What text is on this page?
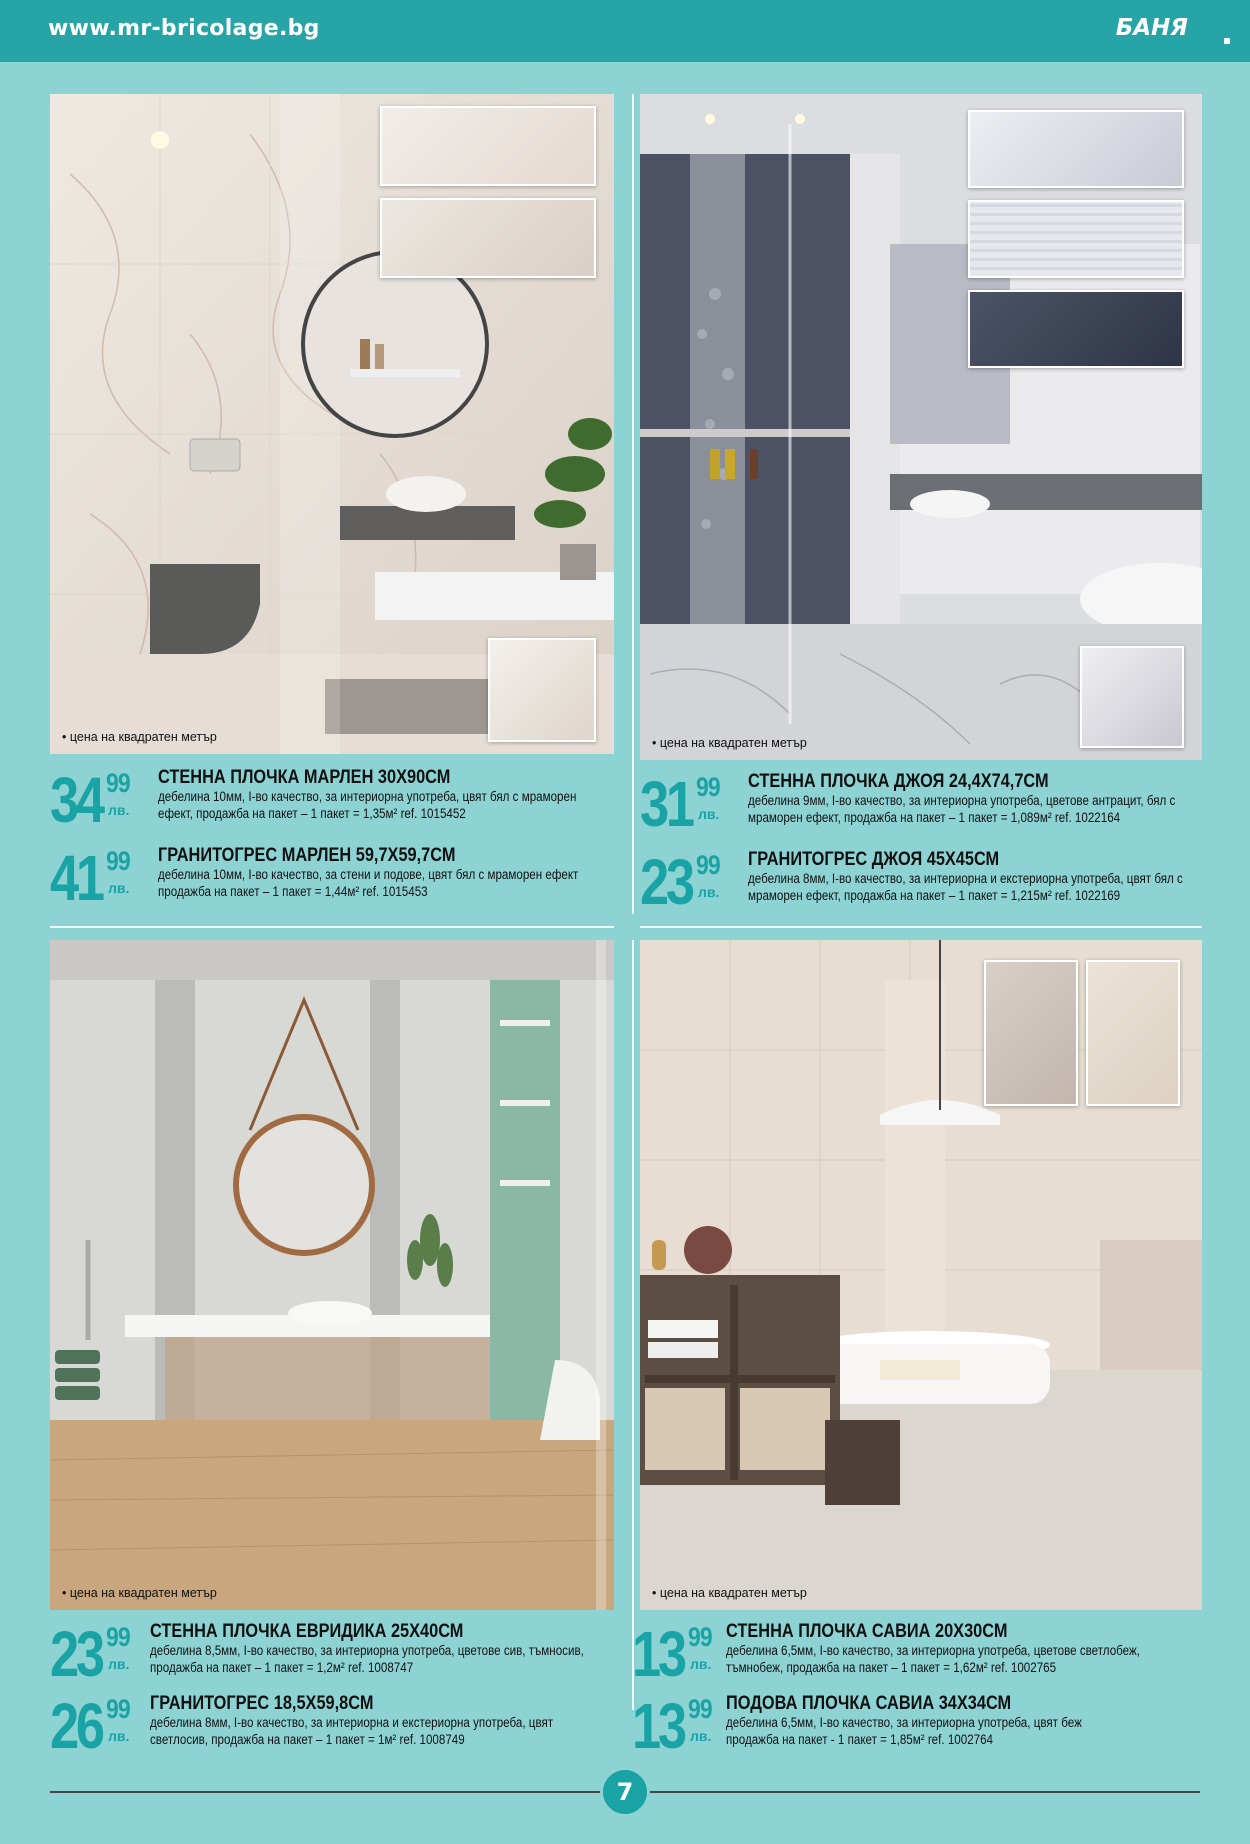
www.mr-bricolage.bg	БАНЯ
• цена на квадратен метър	• цена на квадратен метър
• цена на квадратен метър	• цена на квадратен метър
34 99
лв.
СТЕННА ПЛОЧКА МАРЛЕН 30X90СМ
дебелина 10мм, I-во качество, за интериорна употреба, цвят бял с мраморен
ефект, продажба на пакет – 1 пакет = 1,35м² ref. 1015452
41 99
лв.
ГРАНИТОГРЕС МАРЛЕН 59,7X59,7СМ
дебелина 10мм, I-во качество, за стени и подове, цвят бял с мраморен ефект
продажба на пакет – 1 пакет = 1,44м² ref. 1015453
31 99
лв.
СТЕННА ПЛОЧКА ДЖОЯ 24,4X74,7СМ
дебелина 9мм, I-во качество, за интериорна употреба, цветове антрацит, бял с
мраморен ефект, продажба на пакет – 1 пакет = 1,089м² ref. 1022164
23 99
лв.
ГРАНИТОГРЕС ДЖОЯ 45X45СМ
дебелина 8мм, I-во качество, за интериорна и екстериорна употреба, цвят бял с
мраморен ефект, продажба на пакет – 1 пакет = 1,215м² ref. 1022169
23 99
лв.
СТЕННА ПЛОЧКА ЕВРИДИКА 25X40СМ
дебелина 8,5мм, I-во качество, за интериорна употреба, цветове сив, тъмносив,
продажба на пакет – 1 пакет = 1,2м² ref. 1008747
26 99
лв.
ГРАНИТОГРЕС 18,5X59,8СМ
дебелина 8мм, I-во качество, за интериорна и екстериорна употреба, цвят
светлосив, продажба на пакет – 1 пакет = 1м² ref. 1008749
13 99
лв.
СТЕННА ПЛОЧКА САВИА 20X30СМ
дебелина 6,5мм, I-во качество, за интериорна употреба, цветове светлобеж,
тъмнобеж, продажба на пакет – 1 пакет = 1,62м² ref. 1002765
13 99
лв.
ПОДОВА ПЛОЧКА САВИА 34X34СМ
дебелина 6,5мм, I-во качество, за интериорна употреба, цвят беж
продажба на пакет - 1 пакет = 1,85м² ref. 1002764
7
